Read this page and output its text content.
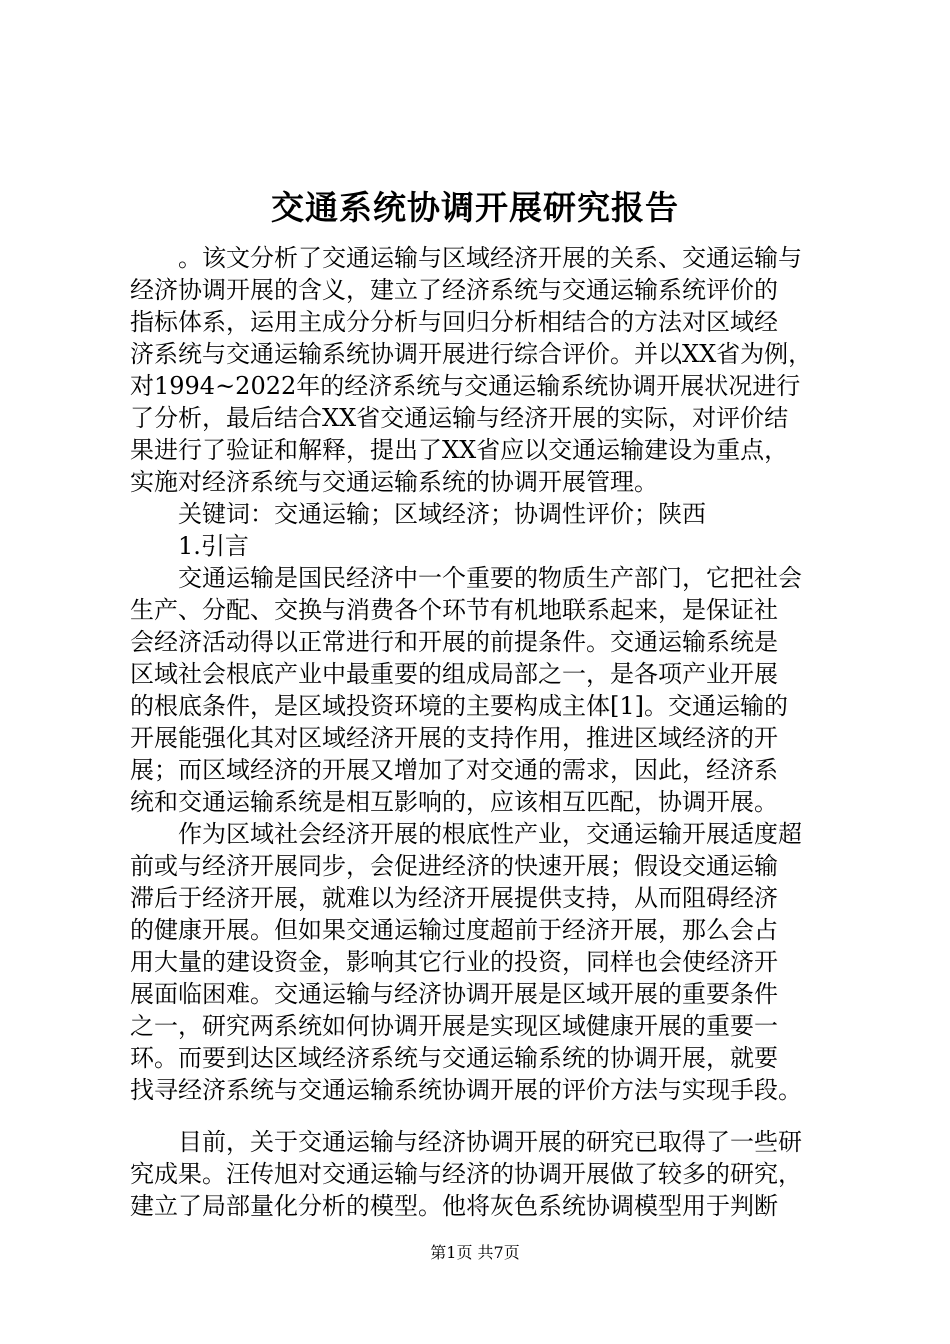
交通系统协调开展研究报告
　　。该文分析了交通运输与区域经济开展的关系、交通运输与
经济协调开展的含义，建立了经济系统与交通运输系统评价的
指标体系，运用主成分分析与回归分析相结合的方法对区域经
济系统与交通运输系统协调开展进行综合评价。并以XX省为例，
对1994~2022年的经济系统与交通运输系统协调开展状况进行
了分析，最后结合XX省交通运输与经济开展的实际，对评价结
果进行了验证和解释，提出了XX省应以交通运输建设为重点，
实施对经济系统与交通运输系统的协调开展管理。
　　关键词：交通运输；区域经济；协调性评价；陕西
　　1.引言
　　交通运输是国民经济中一个重要的物质生产部门，它把社会
生产、分配、交换与消费各个环节有机地联系起来，是保证社
会经济活动得以正常进行和开展的前提条件。交通运输系统是
区域社会根底产业中最重要的组成局部之一，是各项产业开展
的根底条件，是区域投资环境的主要构成主体[1]。交通运输的
开展能强化其对区域经济开展的支持作用，推进区域经济的开
展；而区域经济的开展又增加了对交通的需求，因此，经济系
统和交通运输系统是相互影响的，应该相互匹配，协调开展。
　　作为区域社会经济开展的根底性产业，交通运输开展适度超
前或与经济开展同步，会促进经济的快速开展；假设交通运输
滞后于经济开展，就难以为经济开展提供支持，从而阻碍经济
的健康开展。但如果交通运输过度超前于经济开展，那么会占
用大量的建设资金，影响其它行业的投资，同样也会使经济开
展面临困难。交通运输与经济协调开展是区域开展的重要条件
之一，研究两系统如何协调开展是实现区域健康开展的重要一
环。而要到达区域经济系统与交通运输系统的协调开展，就要
找寻经济系统与交通运输系统协调开展的评价方法与实现手段。
　　目前，关于交通运输与经济协调开展的研究已取得了一些研
究成果。汪传旭对交通运输与经济的协调开展做了较多的研究，
建立了局部量化分析的模型。他将灰色系统协调模型用于判断
第1页 共7页
